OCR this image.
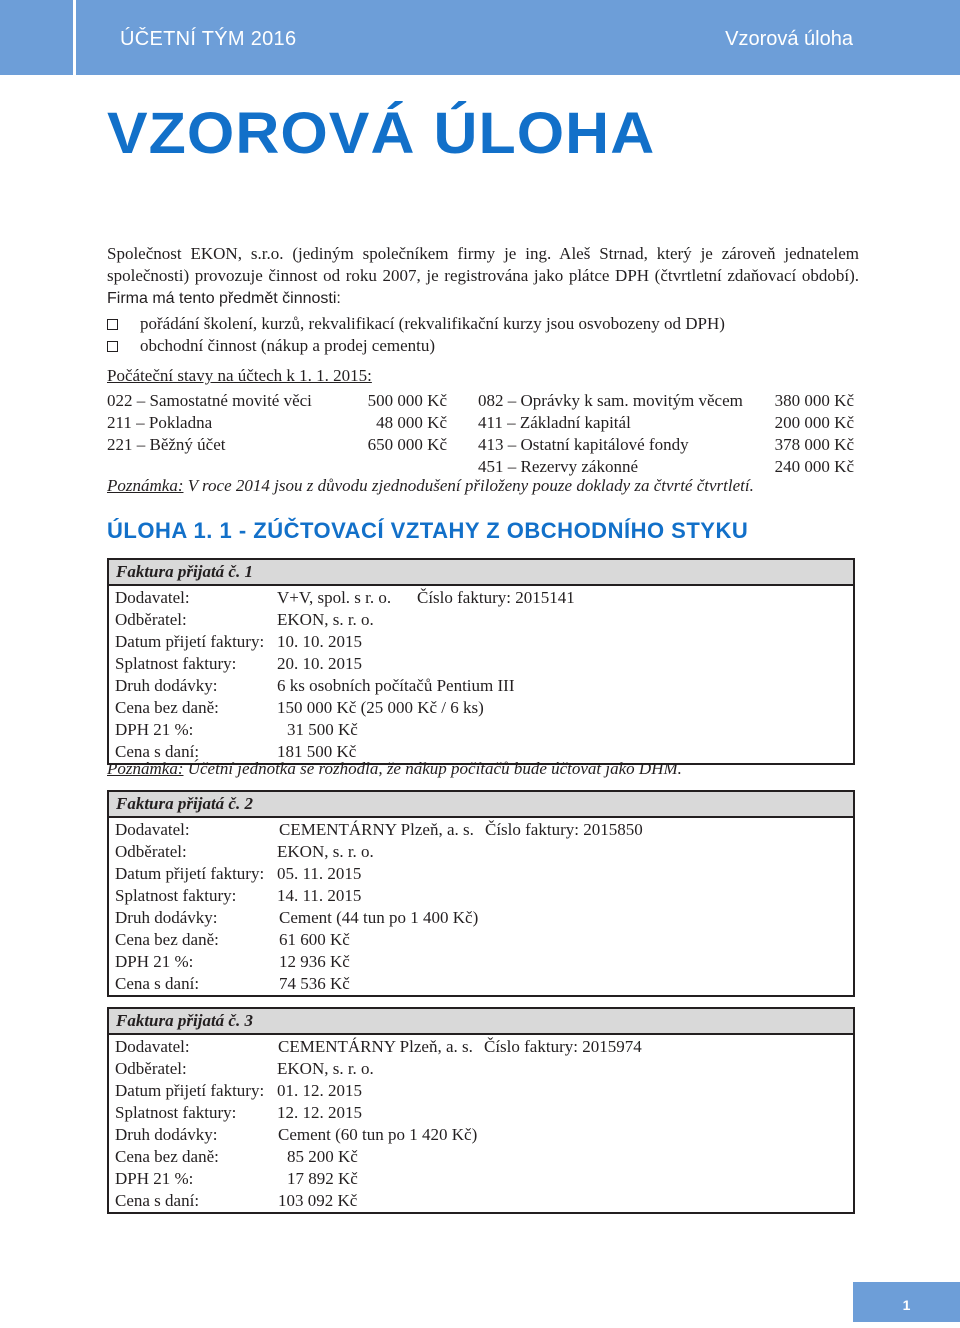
ÚČETNÍ TÝM 2016	Vzorová úloha
VZOROVÁ ÚLOHA
Společnost EKON, s.r.o. (jediným společníkem firmy je ing. Aleš Strnad, který je zároveň jednatelem společnosti) provozuje činnost od roku 2007, je registrována jako plátce DPH (čtvrtletní zdaňovací období). Firma má tento předmět činnosti:
pořádání školení, kurzů, rekvalifikací (rekvalifikační kurzy jsou osvobozeny od DPH)
obchodní činnost (nákup a prodej cementu)
Počáteční stavy na účtech k 1. 1. 2015:
022 – Samostatné movité věci	500 000 Kč
211 – Pokladna	48 000 Kč
221 – Běžný účet	650 000 Kč
082 – Oprávky k sam. movitým věcem 380 000 Kč
411 – Základní kapitál	200 000 Kč
413 – Ostatní kapitálové fondy	378 000 Kč
451 – Rezervy zákonné	240 000 Kč
Poznámka: V roce 2014 jsou z důvodu zjednodušení přiloženy pouze doklady za čtvrté čtvrtletí.
ÚLOHA 1. 1 - ZÚČTOVACÍ VZTAHY Z OBCHODNÍHO STYKU
Faktura přijatá č. 1
Dodavatel:	V+V, spol. s r. o. Číslo faktury: 2015141
Odběratel:	EKON, s. r. o.
Datum přijetí faktury: 10. 10. 2015
Splatnost faktury: 20. 10. 2015
Druh dodávky:	6 ks osobních počítačů Pentium III
Cena bez daně:	150 000 Kč (25 000 Kč / 6 ks)
DPH 21 %:	31 500 Kč
Cena s daní:	181 500 Kč
Poznámka: Účetní jednotka se rozhodla, že nákup počítačů bude účtovat jako DHM.
Faktura přijatá č. 2
Dodavatel:	CEMENTÁRNY Plzeň, a. s. Číslo faktury: 2015850
Odběratel:	EKON, s. r. o.
Datum přijetí faktury: 05. 11. 2015
Splatnost faktury: 14. 11. 2015
Druh dodávky:	Cement (44 tun po 1 400 Kč)
Cena bez daně:	61 600 Kč
DPH 21 %:	12 936 Kč
Cena s daní:	74 536 Kč
Faktura přijatá č. 3
Dodavatel:	CEMENTÁRNY Plzeň, a. s. Číslo faktury: 2015974
Odběratel:	EKON, s. r. o.
Datum přijetí faktury: 01. 12. 2015
Splatnost faktury: 12. 12. 2015
Druh dodávky:	Cement (60 tun po 1 420 Kč)
Cena bez daně:	85 200 Kč
DPH 21 %:	17 892 Kč
Cena s daní:	103 092 Kč
1
